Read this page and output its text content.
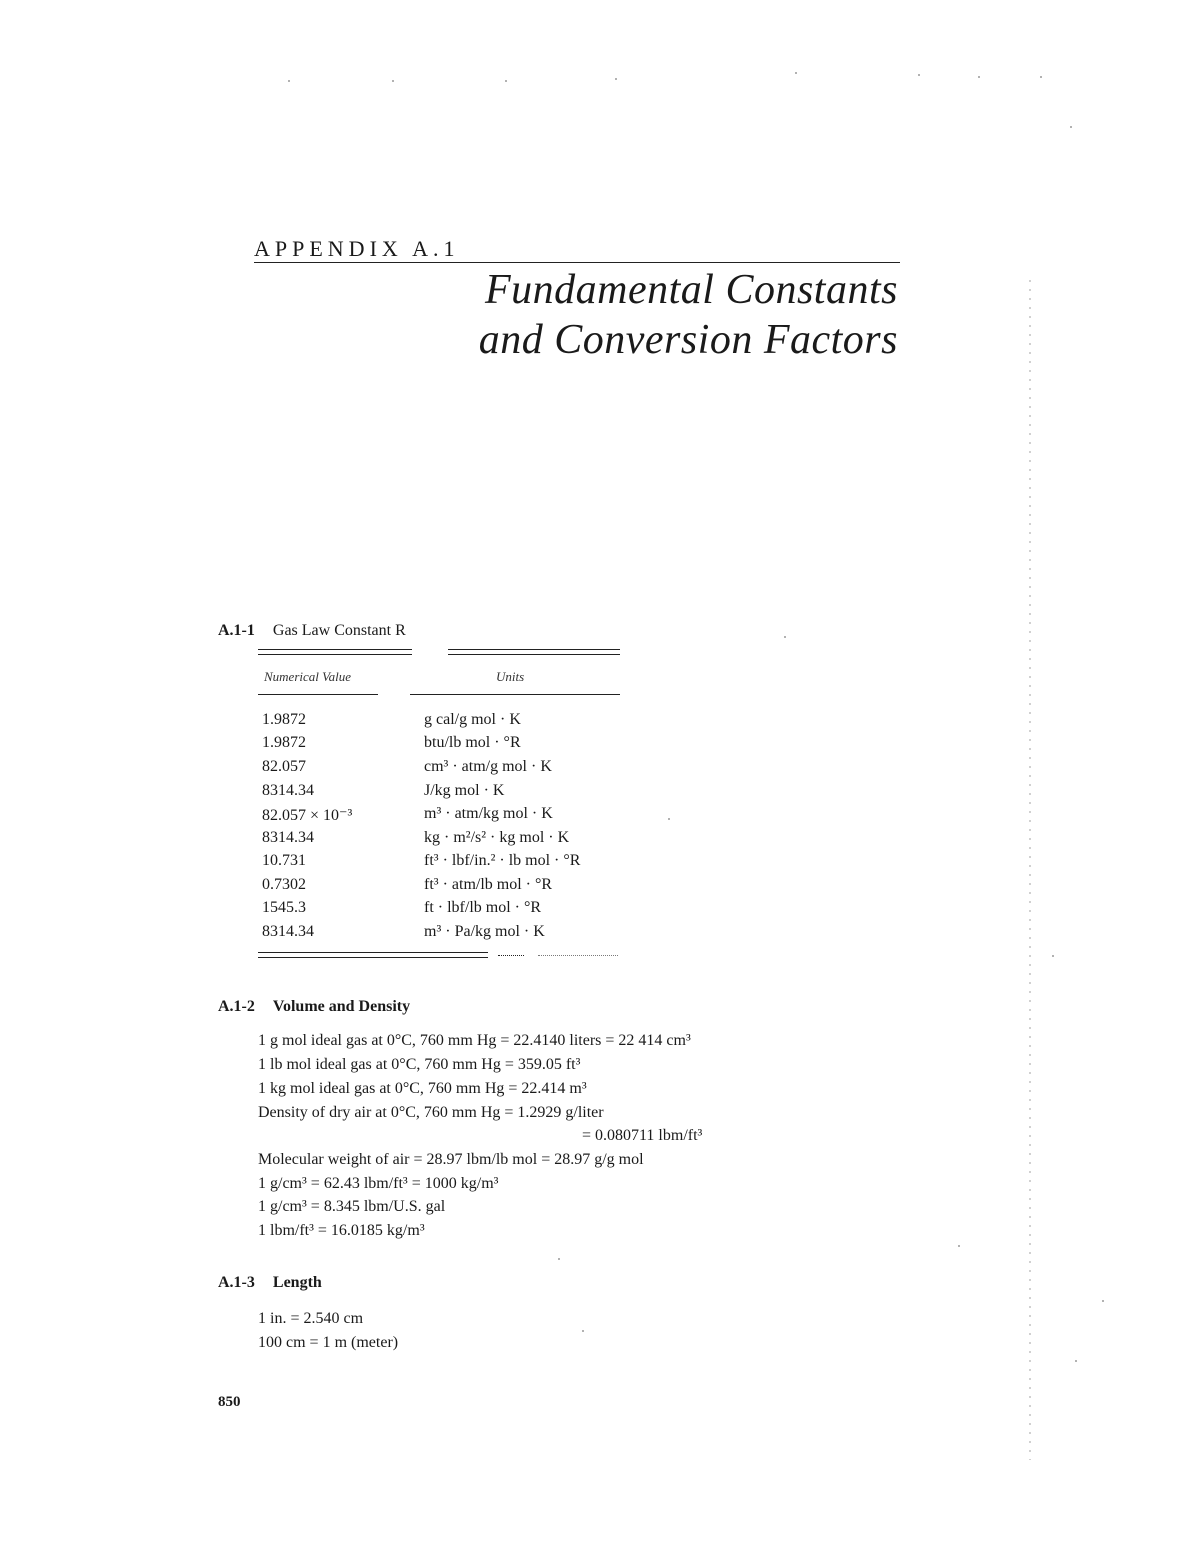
APPENDIX A.1
Fundamental Constants
and Conversion Factors
A.1-1 Gas Law Constant R
Numerical Value	Units
1.9872	g cal/g mol · K
1.9872	btu/lb mol · °R
82.057	cm³ · atm/g mol · K
8314.34	J/kg mol · K
82.057 × 10⁻³	m³ · atm/kg mol · K
8314.34	kg · m²/s² · kg mol · K
10.731	ft³ · lbf/in.² · lb mol · °R
0.7302	ft³ · atm/lb mol · °R
1545.3	ft · lbf/lb mol · °R
8314.34	m³ · Pa/kg mol · K
A.1-2 Volume and Density
1 g mol ideal gas at 0°C, 760 mm Hg = 22.4140 liters = 22 414 cm³
1 lb mol ideal gas at 0°C, 760 mm Hg = 359.05 ft³
1 kg mol ideal gas at 0°C, 760 mm Hg = 22.414 m³
Density of dry air at 0°C, 760 mm Hg = 1.2929 g/liter
= 0.080711 lbm/ft³
Molecular weight of air = 28.97 lbm/lb mol = 28.97 g/g mol
1 g/cm³ = 62.43 lbm/ft³ = 1000 kg/m³
1 g/cm³ = 8.345 lbm/U.S. gal
1 lbm/ft³ = 16.0185 kg/m³
A.1-3 Length
1 in. = 2.540 cm
100 cm = 1 m (meter)
850
